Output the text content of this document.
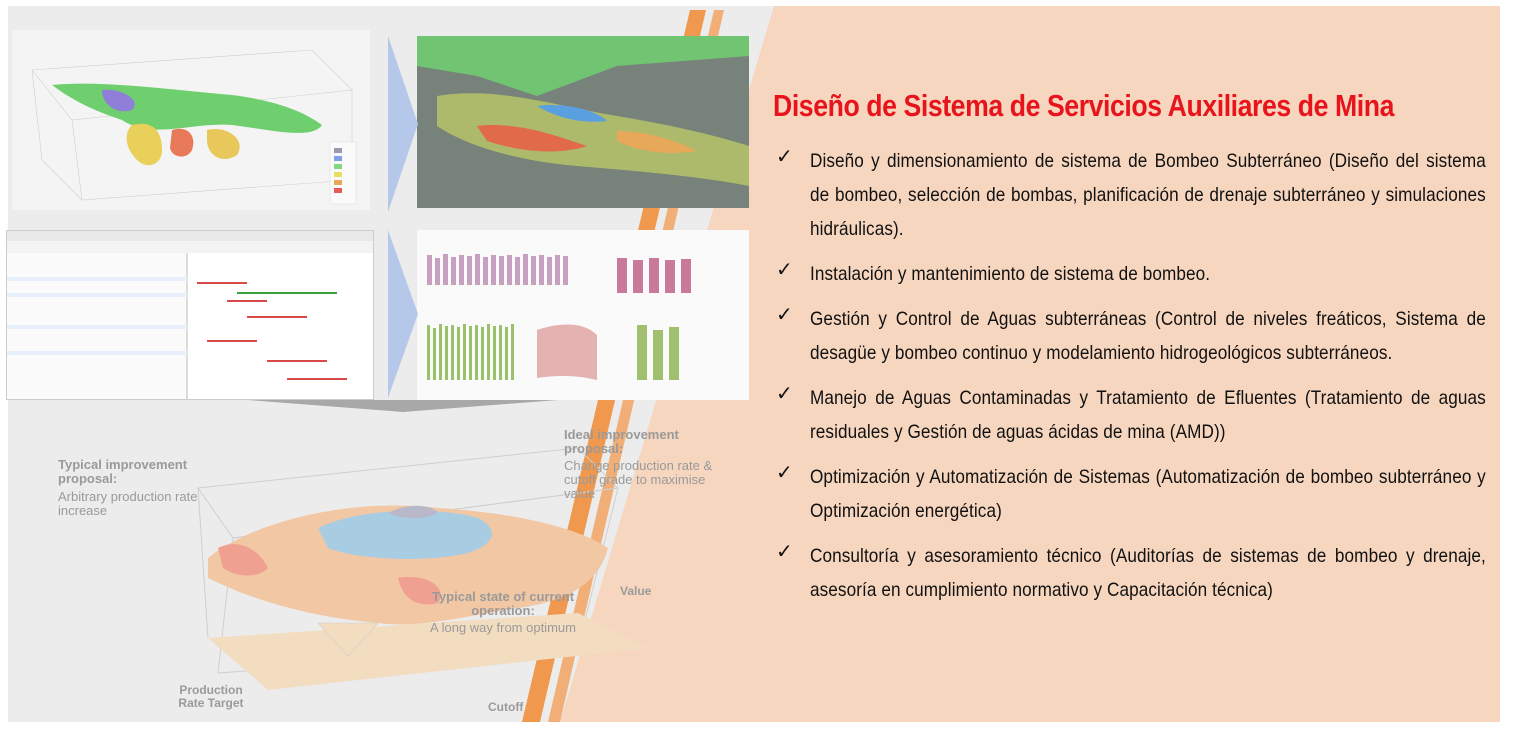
Typical improvement proposal:
Arbitrary production rate increase
Ideal improvement proposal:
Change production rate & cutoff grade to maximise value
Typical state of current operation:
A long way from optimum
Value
Production Rate Target	Cutoff
Diseño de Sistema de Servicios Auxiliares de Mina
✓ Diseño y dimensionamiento de sistema de Bombeo Subterráneo (Diseño del sistema de bombeo, selección de bombas, planificación de drenaje subterráneo y simulaciones hidráulicas).
✓ Instalación y mantenimiento de sistema de bombeo.
✓ Gestión y Control de Aguas subterráneas (Control de niveles freáticos, Sistema de desagüe y bombeo continuo y modelamiento hidrogeológicos subterráneos.
✓ Manejo de Aguas Contaminadas y Tratamiento de Efluentes (Tratamiento de aguas residuales y Gestión de aguas ácidas de mina (AMD))
✓ Optimización y Automatización de Sistemas (Automatización de bombeo subterráneo y Optimización energética)
✓ Consultoría y asesoramiento técnico (Auditorías de sistemas de bombeo y drenaje, asesoría en cumplimiento normativo y Capacitación técnica)
